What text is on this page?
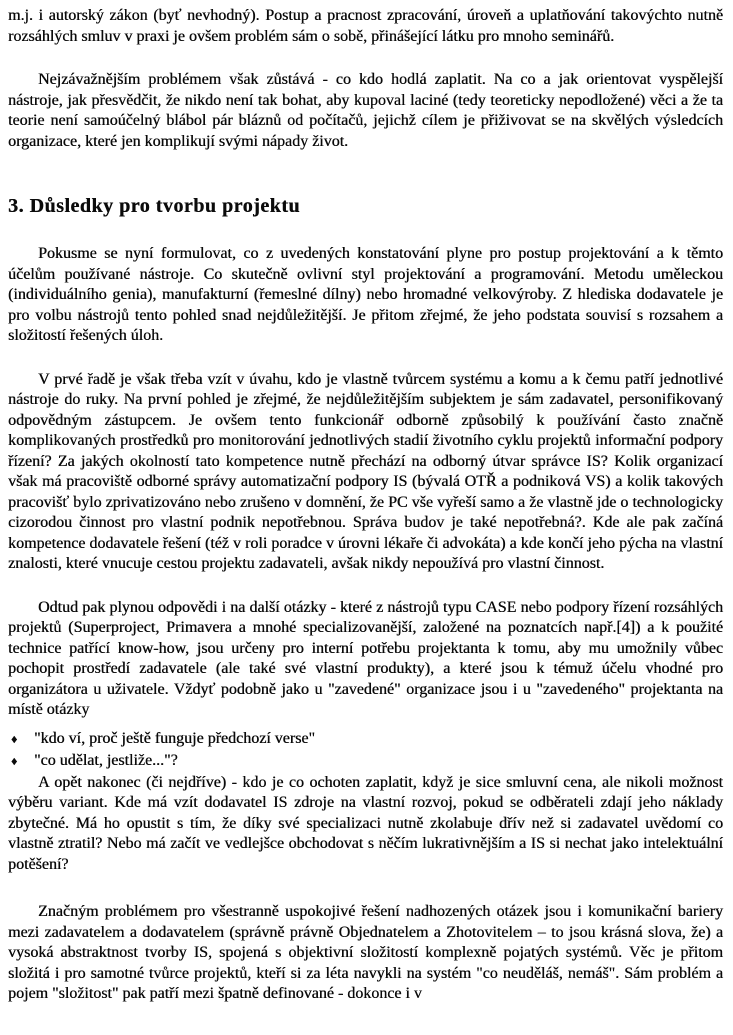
m.j. i autorský zákon (byť nevhodný). Postup a pracnost zpracování, úroveň a uplatňování takovýchto nutně rozsáhlých smluv v praxi je ovšem problém sám o sobě, přinášející látku pro mnoho seminářů.

Nejzávažnějším problémem však zůstává - co kdo hodlá zaplatit. Na co a jak orientovat vyspělejší nástroje, jak přesvědčit, že nikdo není tak bohat, aby kupoval laciné (tedy teoreticky nepodložené) věci a že ta teorie není samoúčelný blábol pár bláznů od počítačů, jejichž cílem je přiživovat se na skvělých výsledcích organizace, které jen komplikují svými nápady život.

3. Důsledky pro tvorbu projektu

Pokusme se nyní formulovat, co z uvedených konstatování plyne pro postup projektování a k těmto účelům používané nástroje. Co skutečně ovlivní styl projektování a programování. Metodu uměleckou (individuálního genia), manufakturní (řemeslné dílny) nebo hromadné velkovýroby. Z hlediska dodavatele je pro volbu nástrojů tento pohled snad nejdůležitější. Je přitom zřejmé, že jeho podstata souvisí s rozsahem a složitostí řešených úloh.

V prvé řadě je však třeba vzít v úvahu, kdo je vlastně tvůrcem systému a komu a k čemu patří jednotlivé nástroje do ruky. Na první pohled je zřejmé, že nejdůležitějším subjektem je sám zadavatel, personifikovaný odpovědným zástupcem. Je ovšem tento funkcionář odborně způsobilý k používání často značně komplikovaných prostředků pro monitorování jednotlivých stadií životního cyklu projektů informační podpory řízení? Za jakých okolností tato kompetence nutně přechází na odborný útvar správce IS? Kolik organizací však má pracoviště odborné správy automatizační podpory IS (bývalá OTŘ a podniková VS) a kolik takových pracovišť bylo zprivatizováno nebo zrušeno v domnění, že PC vše vyřeší samo a že vlastně jde o technologicky cizorodou činnost pro vlastní podnik nepotřebnou. Správa budov je také nepotřebná?. Kde ale pak začíná kompetence dodavatele řešení (též v roli poradce v úrovni lékaře či advokáta) a kde končí jeho pýcha na vlastní znalosti, které vnucuje cestou projektu zadavateli, avšak nikdy nepoužívá pro vlastní činnost.

Odtud pak plynou odpovědi i na další otázky - které z nástrojů typu CASE nebo podpory řízení rozsáhlých projektů (Superproject, Primavera a mnohé specializovanější, založené na poznatcích např.[4]) a k použité technice patřící know-how, jsou určeny pro interní potřebu projektanta k tomu, aby mu umožnily vůbec pochopit prostředí zadavatele (ale také své vlastní produkty), a které jsou k témuž účelu vhodné pro organizátora u uživatele. Vždyť podobně jako u "zavedené" organizace jsou i u "zavedeného" projektanta na místě otázky

♦	"kdo ví, proč ještě funguje předchozí verse"
♦	"co udělat, jestliže..."?

A opět nakonec (či nejdříve) - kdo je co ochoten zaplatit, když je sice smluvní cena, ale nikoli možnost výběru variant. Kde má vzít dodavatel IS zdroje na vlastní rozvoj, pokud se odběrateli zdají jeho náklady zbytečné. Má ho opustit s tím, že díky své specializaci nutně zkolabuje dřív než si zadavatel uvědomí co vlastně ztratil? Nebo má začít ve vedlejšce obchodovat s něčím lukrativnějším a IS si nechat jako intelektuální potěšení?

Značným problémem pro všestranně uspokojivé řešení nadhozených otázek jsou i komunikační bariery mezi zadavatelem a dodavatelem (správně právně Objednatelem a Zhotovitelem – to jsou krásná slova, že) a vysoká abstraktnost tvorby IS, spojená s objektivní složitostí komplexně pojatých systémů. Věc je přitom složitá i pro samotné tvůrce projektů, kteří si za léta navykli na systém "co neuděláš, nemáš". Sám problém a pojem "složitost" pak patří mezi špatně definované - dokonce i v
